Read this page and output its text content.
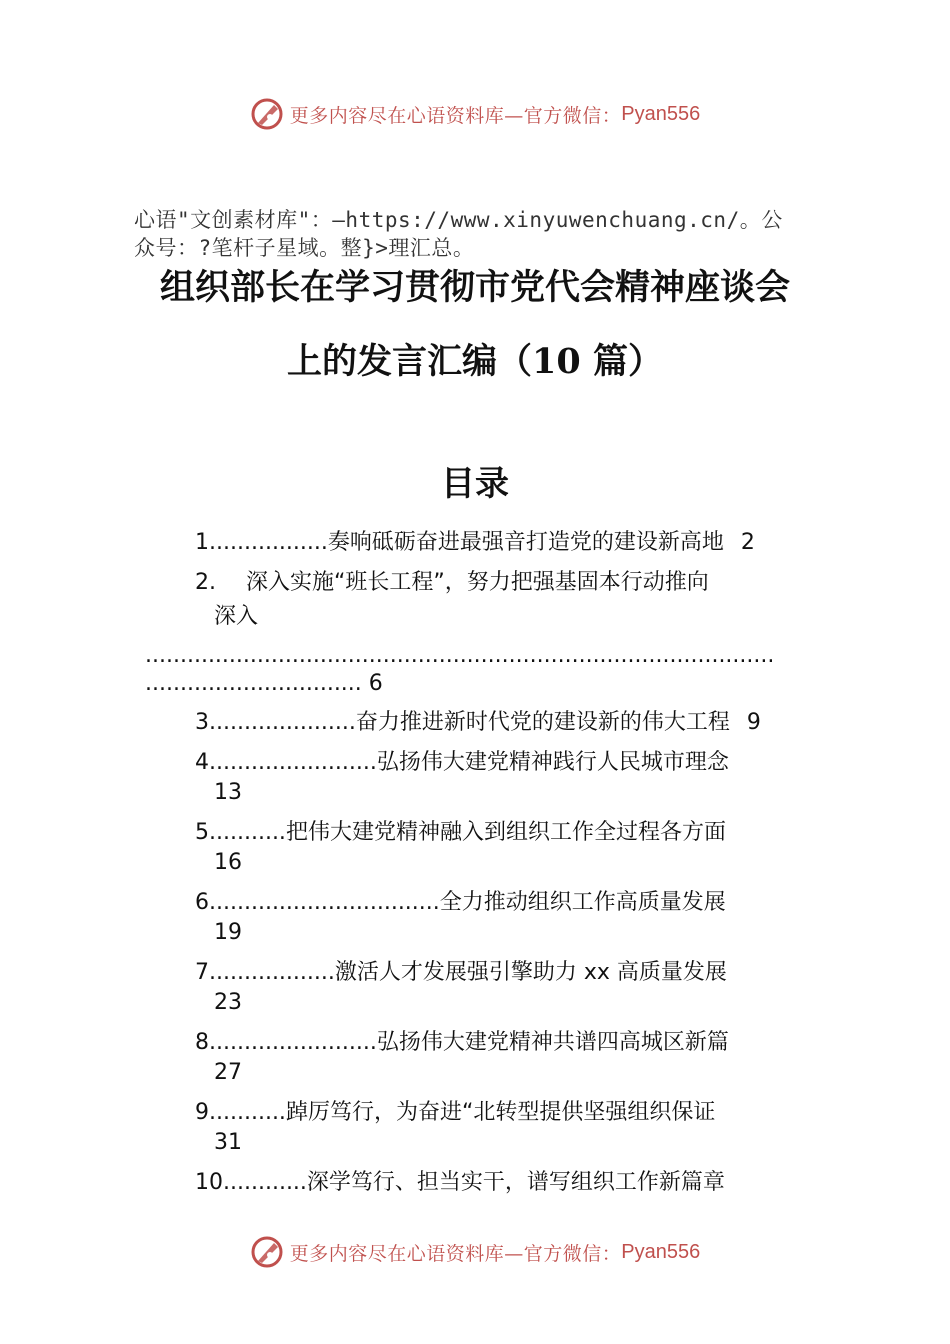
更多内容尽在心语资料库—官方微信： Pyan556
心语"文创素材库"：—https://www.xinyuwenchuang.cn/。公
众号：?笔杆子星域。整}>理汇总。
组织部长在学习贯彻市党代会精神座谈会
上的发言汇编（10 篇）
目录
1.................奏响砥砺奋进最强音打造党的建设新高地 2
2. 深入实施“班长工程”，努力把强基固本行动推向
深入
..........................................................................................
............................... 6
3.....................奋力推进新时代党的建设新的伟大工程 9
4........................弘扬伟大建党精神践行人民城市理念
13
5...........把伟大建党精神融入到组织工作全过程各方面
16
6.................................全力推动组织工作高质量发展
19
7..................激活人才发展强引擎助力 xx 高质量发展
23
8........................弘扬伟大建党精神共谱四高城区新篇
27
9...........踔厉笃行，为奋进“北转型提供坚强组织保证
31
10............深学笃行、担当实干，谱写组织工作新篇章
更多内容尽在心语资料库—官方微信： Pyan556
